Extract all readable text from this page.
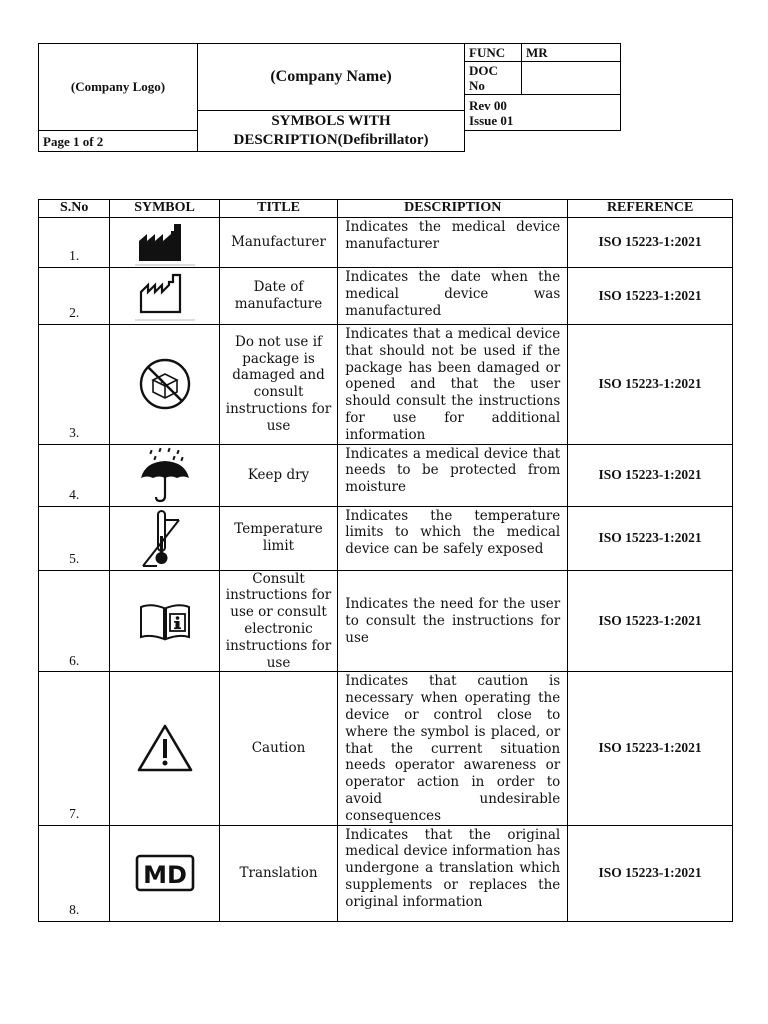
(Company Logo)	(Company Name)	FUNC	MR
		DOC No	

		Rev 00
Issue 01	

	SYMBOLS WITH
DESCRIPTION(Defibrillator)		

Page 1 of 2			
S.No	SYMBOL	TITLE	DESCRIPTION	REFERENCE
1.		Manufacturer	Indicates the medical device manufacturer	ISO 15223-1:2021
2.		Date of manufacture	Indicates the date when the medical device was manufactured	ISO 15223-1:2021
3.		Do not use if package is damaged and consult instructions for use	Indicates that a medical device that should not be used if the package has been damaged or opened and that the user should consult the instructions for use for additional information	ISO 15223-1:2021
4.		Keep dry	Indicates a medical device that needs to be protected from moisture	ISO 15223-1:2021
5.		Temperature limit	Indicates the temperature limits to which the medical device can be safely exposed	ISO 15223-1:2021
6.		Consult instructions for use or consult electronic instructions for use	Indicates the need for the user to consult the instructions for use	ISO 15223-1:2021
7.		Caution	Indicates that caution is necessary when operating the device or control close to where the symbol is placed, or that the current situation needs operator awareness or operator action in order to avoid undesirable consequences	ISO 15223-1:2021
8.	MD	Translation	Indicates that the original medical device information has undergone a translation which supplements or replaces the original information	ISO 15223-1:2021
